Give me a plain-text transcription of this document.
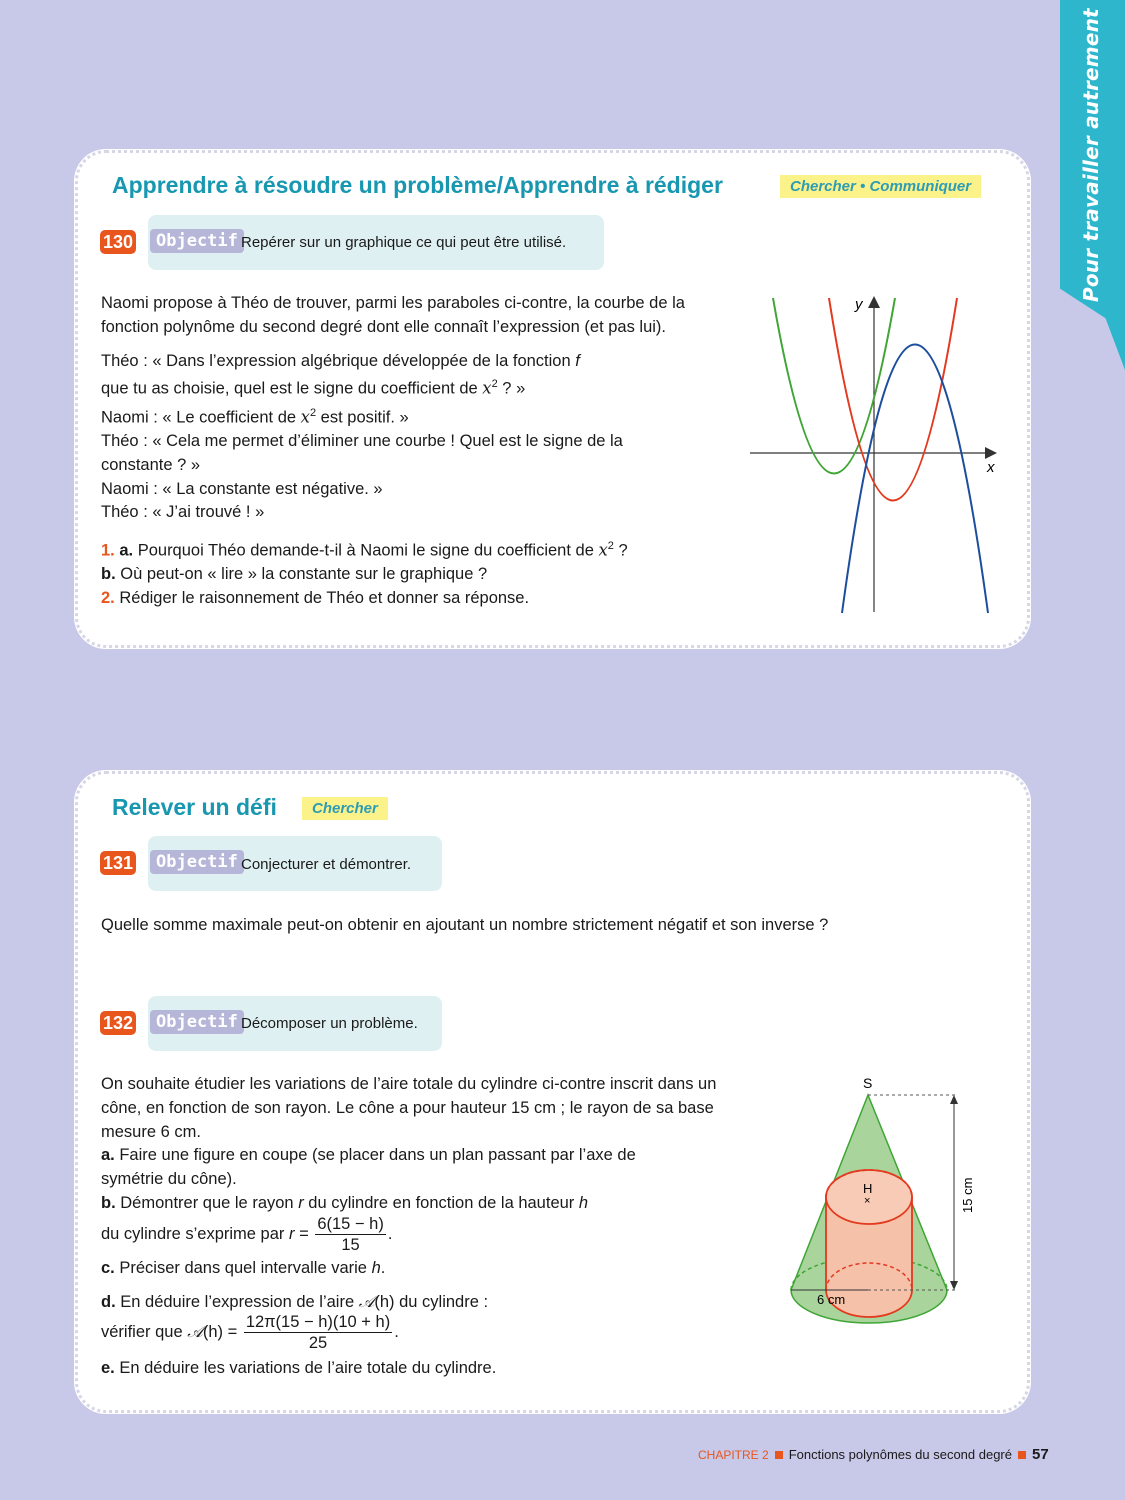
Pour travailler autrement
Apprendre à résoudre un problème/Apprendre à rédiger	Chercher • Communiquer
130	Objectif Repérer sur un graphique ce qui peut être utilisé.

Naomi propose à Théo de trouver, parmi les paraboles ci-contre, la courbe de la fonction polynôme du second degré dont elle connaît l’expression (et pas lui).

Théo : « Dans l’expression algébrique développée de la fonction f
que tu as choisie, quel est le signe du coefficient de $x^2$ ? »

Naomi : « Le coefficient de $x^2$ est positif. »

Théo : « Cela me permet d’éliminer une courbe ! Quel est le signe de la constante ? »

Naomi : « La constante est négative. »

Théo : « J’ai trouvé ! »

1. a. Pourquoi Théo demande-t-il à Naomi le signe du coefficient de $x^2$ ?

b. Où peut-on « lire » la constante sur le graphique ?

2. Rédiger le raisonnement de Théo et donner sa réponse.

x
y
Relever un défi	Chercher
131	Objectif Conjecturer et démontrer.
Quelle somme maximale peut-on obtenir en ajoutant un nombre strictement négatif et son inverse ?
132	Objectif Décomposer un problème.

On souhaite étudier les variations de l’aire totale du cylindre ci-contre inscrit dans un cône, en fonction de son rayon. Le cône a pour hauteur 15 cm ; le rayon de sa base mesure 6 cm.

a. Faire une figure en coupe (se placer dans un plan passant par l’axe de symétrie du cône).

b. Démontrer que le rayon r du cylindre en fonction de la hauteur h

du cylindre s’exprime par $r = \frac{6(15 - h)}{15}$ .

c. Préciser dans quel intervalle varie h.

d. En déduire l’expression de l’aire 𝒜(h) du cylindre :

vérifier que 𝒜(h) = $\frac{12\pi(15 - h)(10 + h)}{25}$ .

e. En déduire les variations de l’aire totale du cylindre.

S
H
×
6 cm
15 cm
CHAPITRE 2 Fonctions polynômes du second degré 57
